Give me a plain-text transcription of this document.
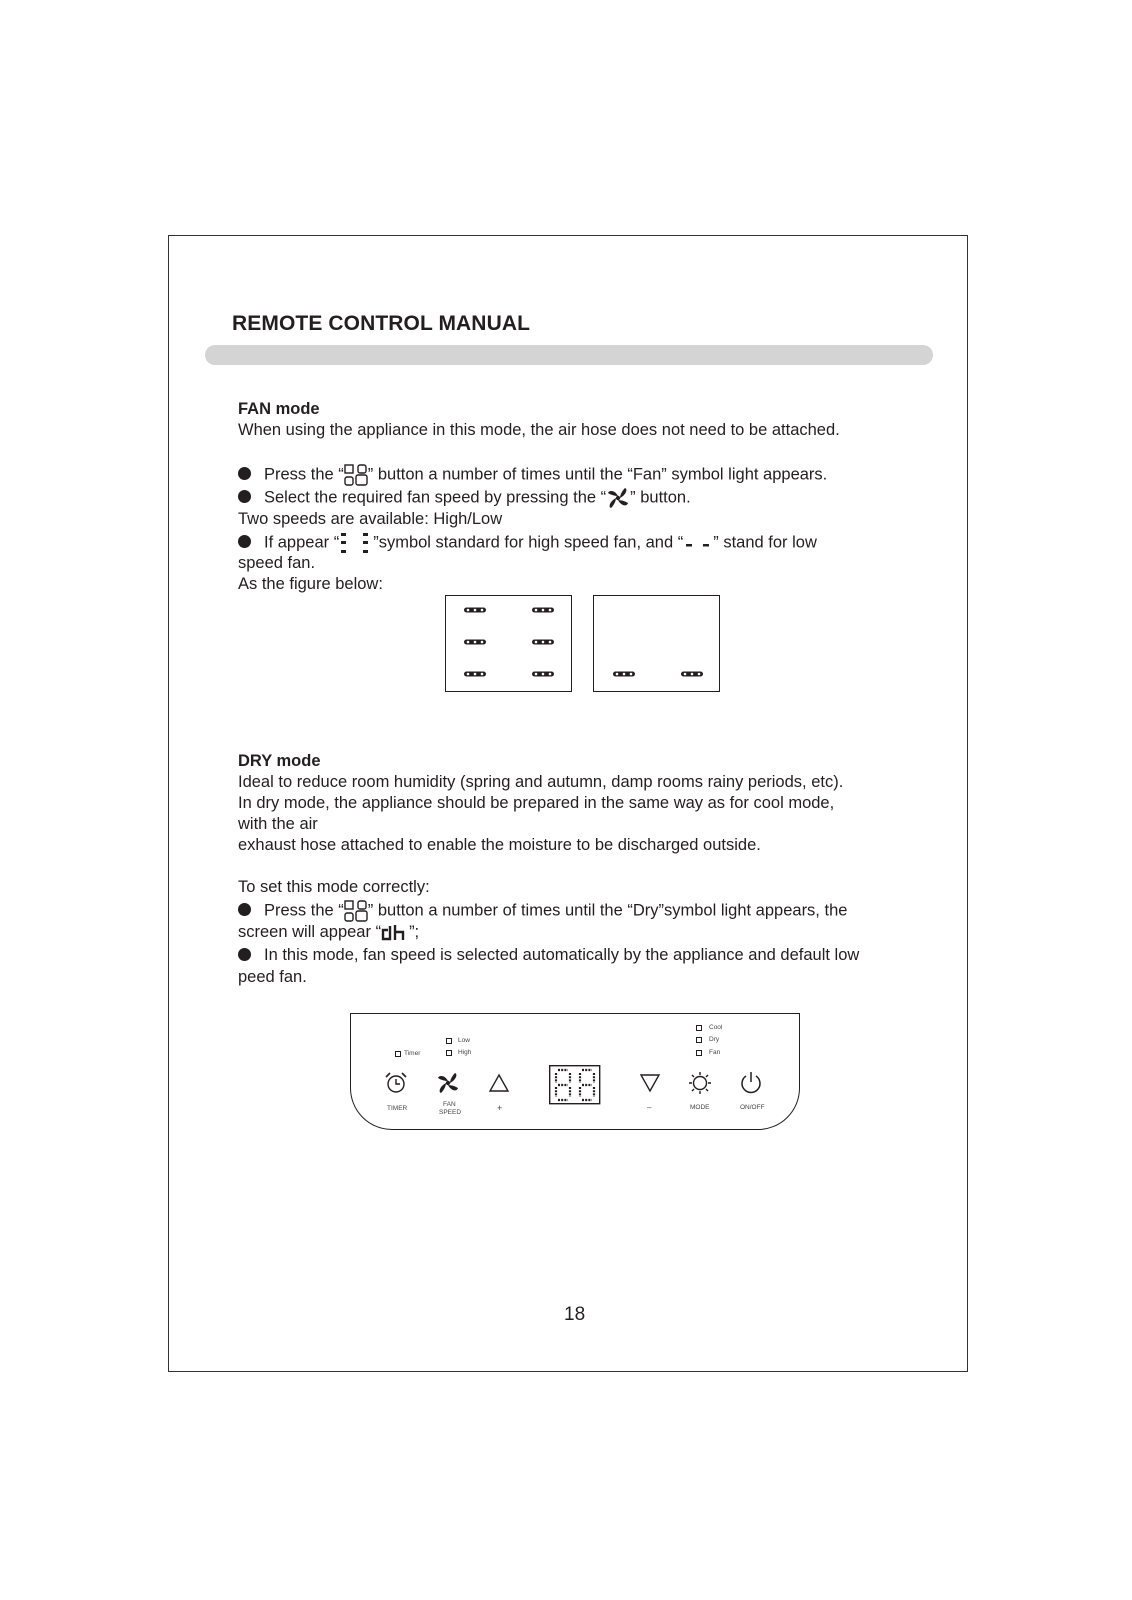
REMOTE CONTROL MANUAL
FAN mode
When using the appliance in this mode, the air hose does not need to be attached.
Press the “ ” button a number of times until the “Fan” symbol light appears.
Select the required fan speed by pressing the “ ” button.
Two speeds are available: High/Low
If appear “ ”symbol standard for high speed fan, and “ ” stand for low
speed fan.
As the figure below:
DRY mode
Ideal to reduce room humidity (spring and autumn, damp rooms rainy periods, etc).
In dry mode, the appliance should be prepared in the same way as for cool mode,
with the air
exhaust hose attached to enable the moisture to be discharged outside.
To set this mode correctly:
Press the “ ” button a number of times until the “Dry”symbol light appears, the
screen will appear “ ”;
In this mode, fan speed is selected automatically by the appliance and default low
peed fan.
Timer
Low
High
Cool
Dry
Fan
TIMER
FAN
SPEED	+	–	MODE	ON/OFF
18
